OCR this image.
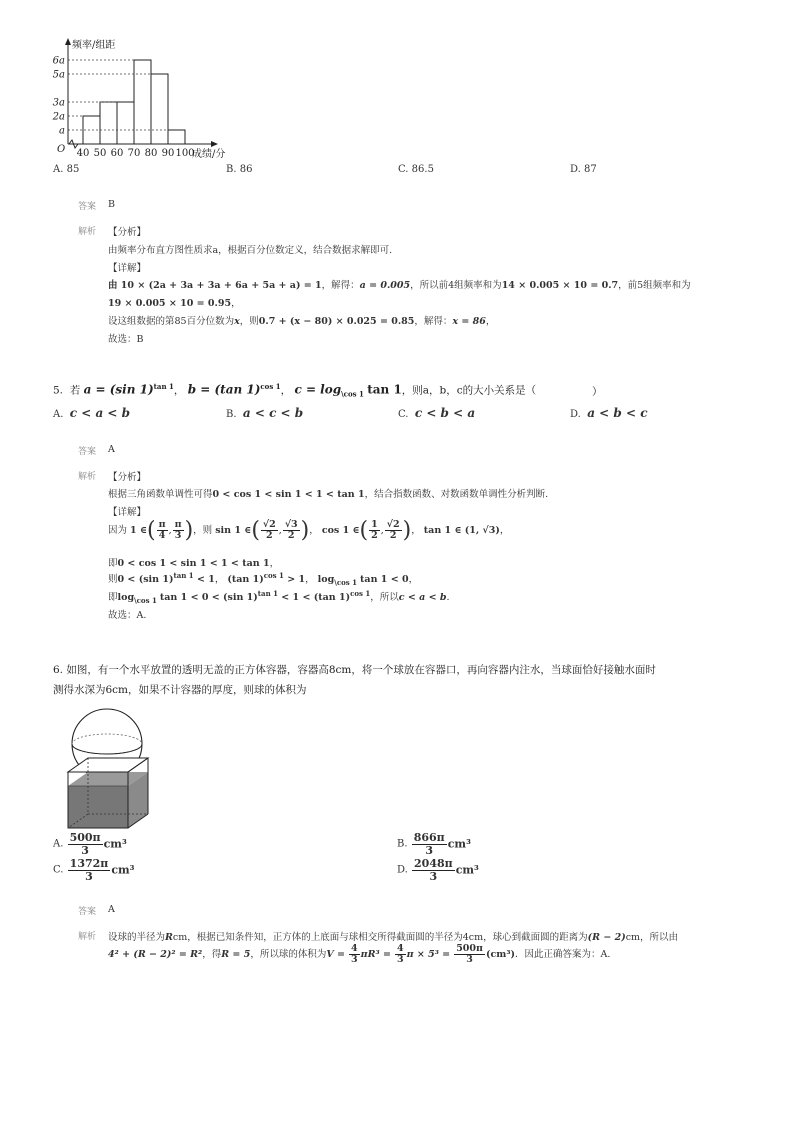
频率/组距
O
6a
5a
3a
2a
a
40 50 60 70 80 90 100
成绩/分
A. 85	B. 86	C. 86.5	D. 87
答案 B
解析 【分析】
由频率分布直方图性质求a，根据百分位数定义，结合数据求解即可.
【详解】
由 10 × (2a + 3a + 3a + 6a + 5a + a) = 1，解得：a = 0.005，所以前4组频率和为14 × 0.005 × 10 = 0.7，前5组频率和为
19 × 0.005 × 10 = 0.95，
设这组数据的第85百分位数为x，则0.7 + (x − 80) × 0.025 = 0.85，解得：x = 86，
故选：B
5. 若 a = (sin 1)$^{tan 1}$， b = (tan 1)$^{cos 1}$， $c = \log_{\backslash cos 1} \tan 1$，则a，b，c的大小关系是（	）
A. c < a < b	B. a < c < b	C. c < b < a	D. a < b < c
答案 A
解析 【分析】
根据三角函数单调性可得0 < cos 1 < sin 1 < 1 < tan 1，结合指数函数、对数函数单调性分析判断.
【详解】
因为 1 ∈( $\frac{\pi}{4}$ , $\frac{\pi}{3}$ )，则 sin 1 ∈( $\frac{√2}{2}$ , $\frac{√3}{2}$ )， cos 1 ∈( $\frac{1}{2}$ , $\frac{√2}{2}$ )， tan 1 ∈ (1, √3)，
即0 < cos 1 < sin 1 < 1 < tan 1，
则0 < (sin 1)$^{tan 1}$ < 1， (tan 1)$^{cos 1}$ > 1， $\log_{\backslash cos 1} \tan 1 < 0$，
即$\log_{\backslash cos 1} \tan 1 < 0 < (\sin$ 1)$^{tan 1}$ < 1 < (tan 1)$^{cos 1}$，所以c < a < b.
故选：A.
6. 如图，有一个水平放置的透明无盖的正方体容器，容器高8cm，将一个球放在容器口，再向容器内注水，当球面恰好接触水面时
测得水深为6cm，如果不计容器的厚度，则球的体积为
A. $\frac{500\pi}{3} cm^3$	B. $\frac{866\pi}{3} cm^3$
C. $\frac{1372\pi}{3} cm^3$	D. $\frac{2048\pi}{3} cm^3$
答案 A
解析 设球的半径为Rcm，根据已知条件知，正方体的上底面与球相交所得截面圆的半径为4cm，球心到截面圆的距离为(R − 2)cm，所以由
4² + (R − 2)² = R²，得R = 5，所以球的体积为$V = \frac{4}{3} \pi R^3 = \frac{4}{3}$ $\pi \times 5^3 = \frac{500\pi}{3} (cm^3)$．因此正确答案为：A.
